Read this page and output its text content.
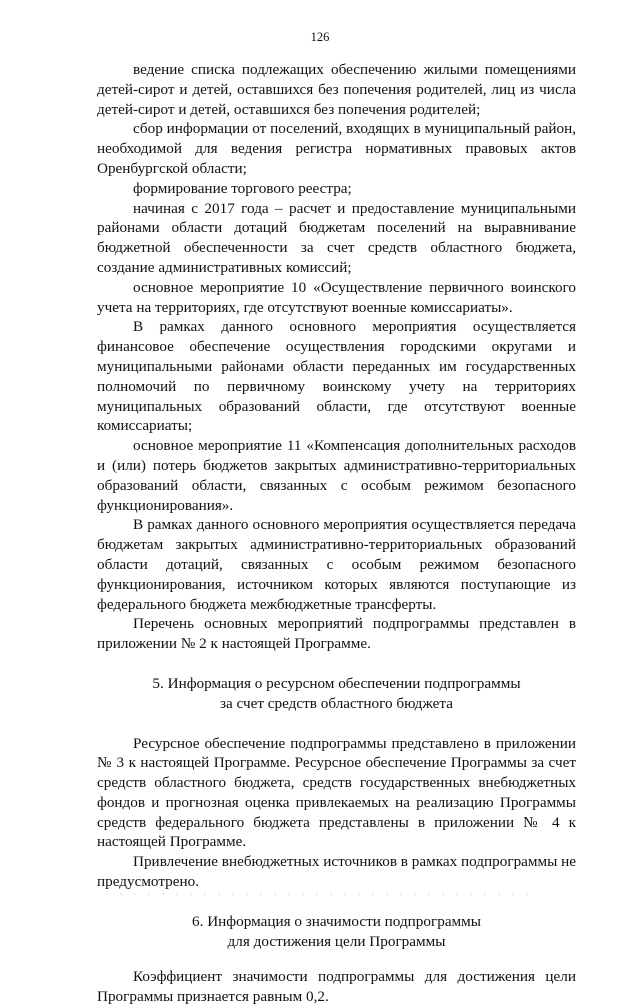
126

ведение списка подлежащих обеспечению жилыми помещениями детей-сирот и детей, оставшихся без попечения родителей, лиц из числа детей-сирот и детей, оставшихся без попечения родителей;

сбор информации от поселений, входящих в муниципальный район, необходимой для ведения регистра нормативных правовых актов Оренбургской области;

формирование торгового реестра;

начиная с 2017 года – расчет и предоставление муниципальными районами области дотаций бюджетам поселений на выравнивание бюджетной обеспеченности за счет средств областного бюджета, создание административных комиссий;

основное мероприятие 10 «Осуществление первичного воинского учета на территориях, где отсутствуют военные комиссариаты».

В рамках данного основного мероприятия осуществляется финансовое обеспечение осуществления городскими округами и муниципальными районами области переданных им государственных полномочий по первичному воинскому учету на территориях муниципальных образований области, где отсутствуют военные комиссариаты;

основное мероприятие 11 «Компенсация дополнительных расходов и (или) потерь бюджетов закрытых административно-территориальных образований области, связанных с особым режимом безопасного функционирования».

В рамках данного основного мероприятия осуществляется передача бюджетам закрытых административно-территориальных образований области дотаций, связанных с особым режимом безопасного функционирования, источником которых являются поступающие из федерального бюджета межбюджетные трансферты.

Перечень основных мероприятий подпрограммы представлен в приложении № 2 к настоящей Программе.

5. Информация о ресурсном обеспечении подпрограммы
за счет средств областного бюджета

Ресурсное обеспечение подпрограммы представлено в приложении № 3 к настоящей Программе. Ресурсное обеспечение Программы за счет средств областного бюджета, средств государственных внебюджетных фондов и прогнозная оценка привлекаемых на реализацию Программы средств федерального бюджета представлены в приложении № 4 к настоящей Программе.

Привлечение внебюджетных источников в рамках подпрограммы не предусмотрено.

6. Информация о значимости подпрограммы
для достижения цели Программы

Коэффициент значимости подпрограммы для достижения цели Программы признается равным 0,2.
